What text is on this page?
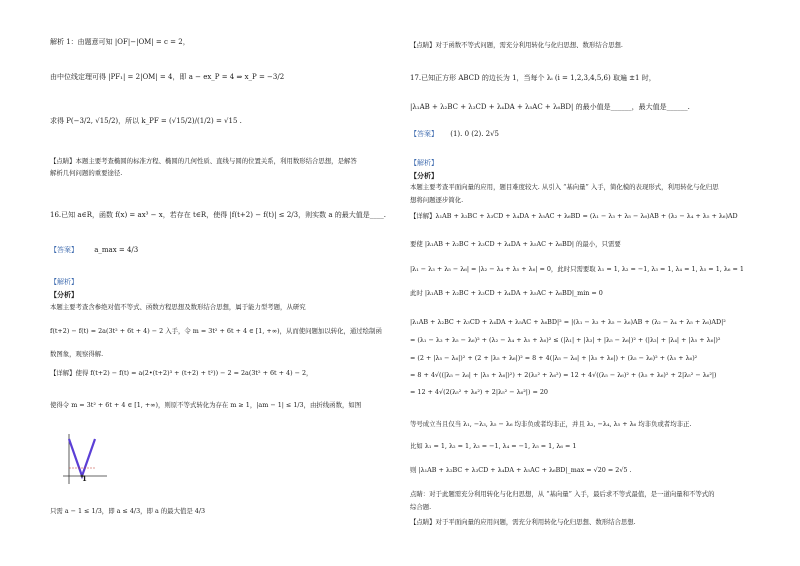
解析 1：由题意可知 |OF|−|OM| = c = 2，
由中位线定理可得 |PF₁| = 2|OM| = 4，即 a − ex_P = 4 ⇒ x_P = −3/2
求得 P(−3/2, √15/2)，所以 k_PF = (√15/2)/(1/2) = √15 .
【点睛】本题主要考查椭圆的标准方程、椭圆的几何性质、直线与圆的位置关系，利用数形结合思想，是解答
解析几何问题的重要途径.
16.已知 a∈R，函数 f(x) = ax³ − x，若存在 t∈R，使得 |f(t+2) − f(t)| ≤ 2/3，则实数 a 的最大值是____.
【答案】 a_max = 4/3
【解析】
【分析】
本题主要考查含参绝对值不等式、函数方程思想及数形结合思想，属于能力型考题，从研究
f(t+2) − f(t) = 2a(3t² + 6t + 4) − 2 入手，令 m = 3t² + 6t + 4 ∈ [1, +∞)，从而使问题加以转化，通过绘制函
数图象，观察得解.
【详解】使得 f(t+2) − f(t) = a(2•(t+2)³ + (t+2) + t²)) − 2 = 2a(3t² + 6t + 4) − 2，
使得令 m = 3t² + 6t + 4 ∈ [1, +∞)，则原不等式转化为存在 m ≥ 1，|am − 1| ≤ 1/3，由折线函数，如图
1
只需 a − 1 ≤ 1/3，即 a ≤ 4/3，即 a 的最大值是 4/3
【点睛】对于函数不等式问题，需充分利用转化与化归思想、数形结合思想.
17.已知正方形 ABCD 的边长为 1，当每个 λᵢ (i = 1,2,3,4,5,6) 取遍 ±1 时，
|λ₁AB + λ₂BC + λ₃CD + λ₄DA + λ₅AC + λ₆BD| 的最小值是______，最大值是______.
【答案】 (1). 0 (2). 2√5
【解析】
【分析】
本题主要考查平面向量的应用，题目难度较大. 从引入 “基向量” 入手，简化模的表现形式，利用转化与化归思
想将问题逐步简化.
【详解】λ₁AB + λ₂BC + λ₃CD + λ₄DA + λ₅AC + λ₆BD = (λ₁ − λ₃ + λ₅ − λ₆)AB + (λ₂ − λ₄ + λ₅ + λ₆)AD
要使 |λ₁AB + λ₂BC + λ₃CD + λ₄DA + λ₅AC + λ₆BD| 的最小，只需要
|λ₁ − λ₃ + λ₅ − λ₆| = |λ₂ − λ₄ + λ₅ + λ₆| = 0，此时只需要取 λ₁ = 1, λ₂ = −1, λ₃ = 1, λ₄ = 1, λ₅ = 1, λ₆ = 1
此时 |λ₁AB + λ₂BC + λ₃CD + λ₄DA + λ₅AC + λ₆BD|_min = 0
|λ₁AB + λ₂BC + λ₃CD + λ₄DA + λ₅AC + λ₆BD|² = |(λ₁ − λ₃ + λ₅ − λ₆)AB + (λ₂ − λ₄ + λ₅ + λ₆)AD|²
= (λ₁ − λ₃ + λ₅ − λ₆)² + (λ₂ − λ₄ + λ₅ + λ₆)² ≤ (|λ₁| + |λ₃| + |λ₅ − λ₆|)² + (|λ₂| + |λ₄| + |λ₅ + λ₆|)²
= (2 + |λ₅ − λ₆|)² + (2 + |λ₅ + λ₆|)² = 8 + 4(|λ₅ − λ₆| + |λ₅ + λ₆|) + (λ₅ − λ₆)² + (λ₅ + λ₆)²
= 8 + 4√((|λ₅ − λ₆| + |λ₅ + λ₆|)²) + 2(λ₅² + λ₆²) = 12 + 4√((λ₅ − λ₆)² + (λ₅ + λ₆)² + 2|λ₅² − λ₆²|)
= 12 + 4√(2(λ₅² + λ₆²) + 2|λ₅² − λ₆²|) = 20
等号成立当且仅当 λ₁, −λ₃, λ₅ − λ₆ 均非负或者均非正，并且 λ₂, −λ₄, λ₅ + λ₆ 均非负或者均非正.
比如 λ₁ = 1, λ₂ = 1, λ₃ = −1, λ₄ = −1, λ₅ = 1, λ₆ = 1
则 |λ₁AB + λ₂BC + λ₃CD + λ₄DA + λ₅AC + λ₆BD|_max = √20 = 2√5 .
点睛：对于此题需充分利用转化与化归思想，从 “基向量” 入手，最后求不等式最值，是一道向量和不等式的
综合题.
【点睛】对于平面向量的应用问题，需充分利用转化与化归思想、数形结合思想.
